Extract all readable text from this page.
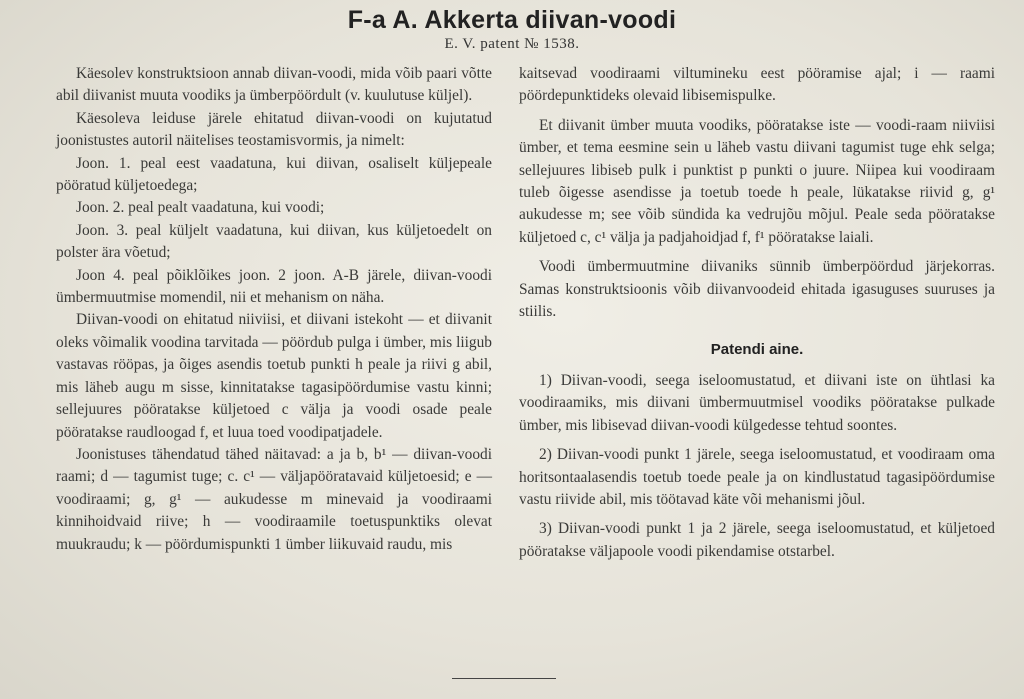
F-a A. Akkerta diivan-voodi
E. V. patent № 1538.

Käesolev konstruktsioon annab diivan-voodi, mida võib paari võtte abil diivanist muuta voodiks ja ümberpöördult (v. kuulutuse küljel).

Käesoleva leiduse järele ehitatud diivan-voodi on kujutatud joonistustes autoril näitelises teostamisvormis, ja nimelt:

Joon. 1. peal eest vaadatuna, kui diivan, osaliselt küljepeale pööratud küljetoedega;

Joon. 2. peal pealt vaadatuna, kui voodi;

Joon. 3. peal küljelt vaadatuna, kui diivan, kus küljetoedelt on polster ära võetud;

Joon 4. peal põiklõikes joon. 2 joon. A-B järele, diivan-voodi ümbermuutmise momendil, nii et mehanism on näha.

Diivan-voodi on ehitatud niiviisi, et diivani istekoht — et diivanit oleks võimalik voodina tarvitada — pöördub pulga i ümber, mis liigub vastavas rööpas, ja õiges asendis toetub punkti h peale ja riivi g abil, mis läheb augu m sisse, kinnitatakse tagasipöördumise vastu kinni; sellejuures pööratakse küljetoed c välja ja voodi osade peale pööratakse raudloogad f, et luua toed voodipatjadele.

Joonistuses tähendatud tähed näitavad: a ja b, b¹ — diivan-voodi raami; d — tagumist tuge; c. c¹ — väljapööratavaid küljetoesid; e — voodiraami; g, g¹ — aukudesse m minevaid ja voodiraami kinnihoidvaid riive; h — voodiraamile toetuspunktiks olevat muukraudu; k — pöördumispunkti 1 ümber liikuvaid raudu, mis

kaitsevad voodiraami viltumineku eest pööramise ajal; i — raami pöördepunktideks olevaid libisemispulke.

Et diivanit ümber muuta voodiks, pööratakse iste — voodi-raam niiviisi ümber, et tema eesmine sein u läheb vastu diivani tagumist tuge ehk selga; sellejuures libiseb pulk i punktist p punkti o juure. Niipea kui voodiraam tuleb õigesse asendisse ja toetub toede h peale, lükatakse riivid g, g¹ aukudesse m; see võib sündida ka vedrujõu mõjul. Peale seda pööratakse küljetoed c, c¹ välja ja padjahoidjad f, f¹ pööratakse laiali.

Voodi ümbermuutmine diivaniks sünnib ümberpöördud järjekorras. Samas konstruktsioonis võib diivanvoodeid ehitada igasuguses suuruses ja stiilis.

Patendi aine.

1) Diivan-voodi, seega iseloomustatud, et diivani iste on ühtlasi ka voodiraamiks, mis diivani ümbermuutmisel voodiks pööratakse pulkade ümber, mis libisevad diivan-voodi külgedesse tehtud soontes.

2) Diivan-voodi punkt 1 järele, seega iseloomustatud, et voodiraam oma horitsontaalasendis toetub toede peale ja on kindlustatud tagasipöördumise vastu riivide abil, mis töötavad käte või mehanismi jõul.

3) Diivan-voodi punkt 1 ja 2 järele, seega iseloomustatud, et küljetoed pööratakse väljapoole voodi pikendamise otstarbel.
